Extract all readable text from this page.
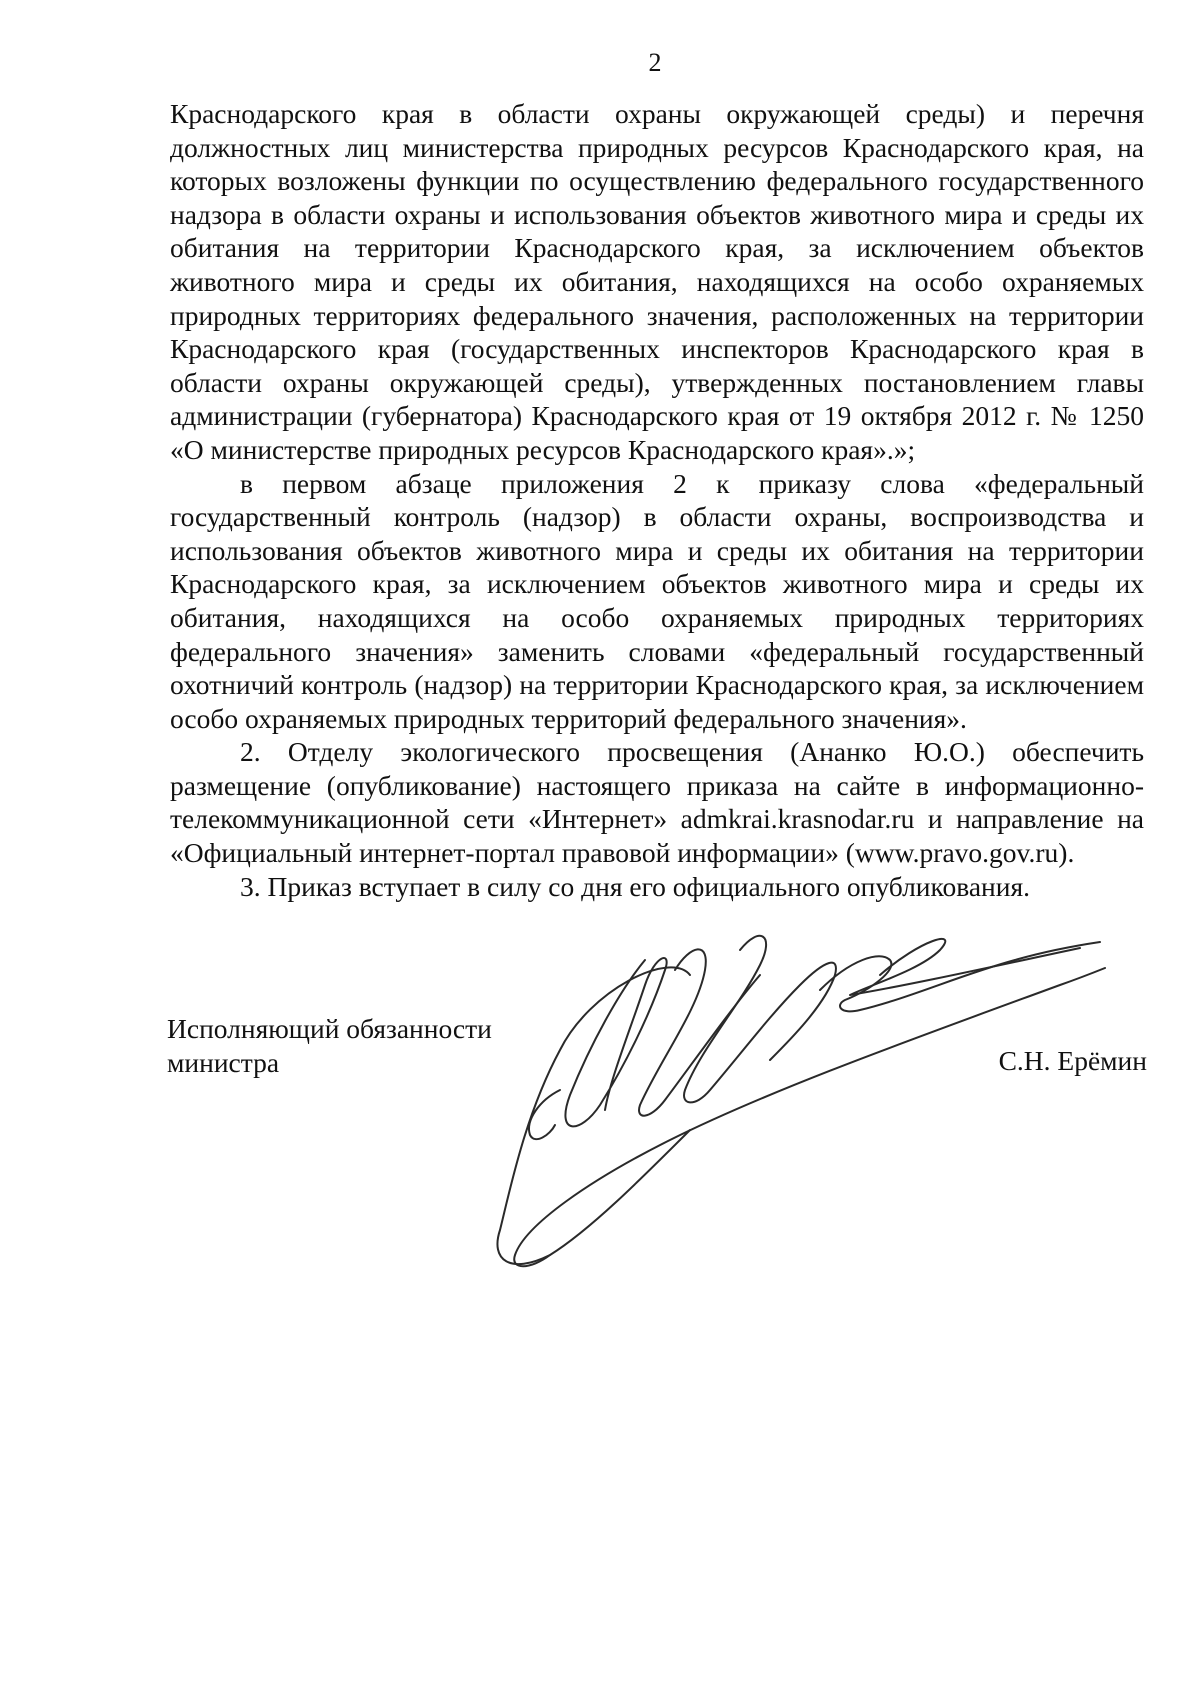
2

Краснодарского края в области охраны окружающей среды) и перечня должностных лиц министерства природных ресурсов Краснодарского края, на которых возложены функции по осуществлению федерального государственного надзора в области охраны и использования объектов животного мира и среды их обитания на территории Краснодарского края, за исключением объектов животного мира и среды их обитания, находящихся на особо охраняемых природных территориях федерального значения, расположенных на территории Краснодарского края (государственных инспекторов Краснодарского края в области охраны окружающей среды), утвержденных постановлением главы администрации (губернатора) Краснодарского края от 19 октября 2012 г. № 1250 «О министерстве природных ресурсов Краснодарского края».»;

в первом абзаце приложения 2 к приказу слова «федеральный государственный контроль (надзор) в области охраны, воспроизводства и использования объектов животного мира и среды их обитания на территории Краснодарского края, за исключением объектов животного мира и среды их обитания, находящихся на особо охраняемых природных территориях федерального значения» заменить словами «федеральный государственный охотничий контроль (надзор) на территории Краснодарского края, за исключением особо охраняемых природных территорий федерального значения».

2. Отделу экологического просвещения (Ананко Ю.О.) обеспечить размещение (опубликование) настоящего приказа на сайте в информационно-телекоммуникационной сети «Интернет» admkrai.krasnodar.ru и направление на «Официальный интернет-портал правовой информации» (www.pravo.gov.ru).

3. Приказ вступает в силу со дня его официального опубликования.

Исполняющий обязанности
министра	С.Н. Ерёмин
